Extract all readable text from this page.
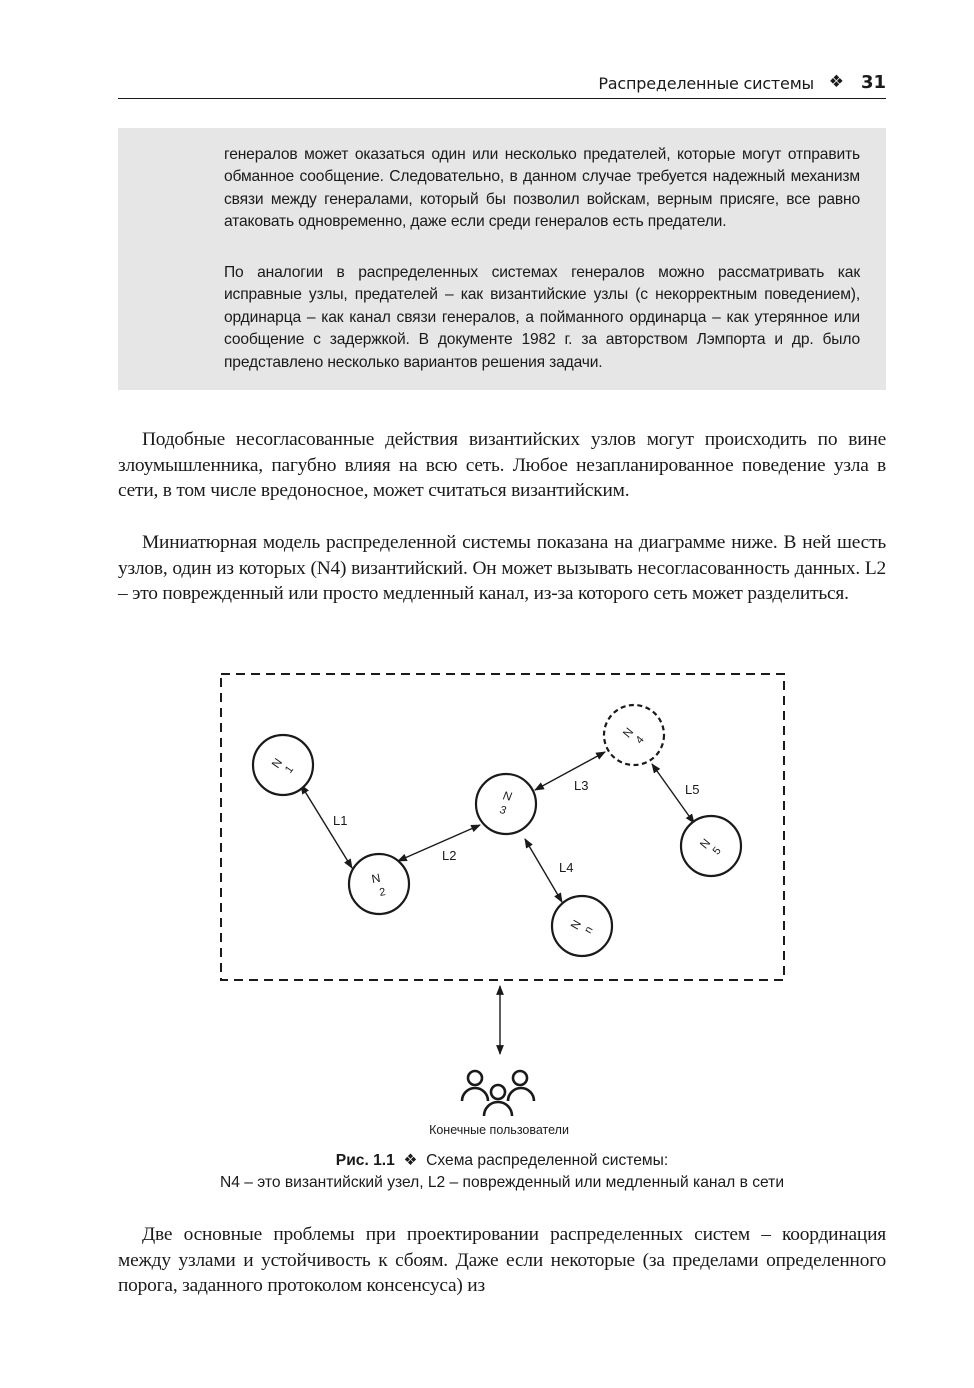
Распределенные системы ❖ 31

генералов может оказаться один или несколько предателей, которые могут отправить обманное сообщение. Следовательно, в данном случае требуется надежный механизм связи между генералами, который бы позволил войскам, верным присяге, все равно атаковать одновременно, даже если среди генералов есть предатели.

По аналогии в распределенных системах генералов можно рассматривать как исправные узлы, предателей – как византийские узлы (с некорректным поведением), ординарца – как канал связи генералов, а пойманного ординарца – как утерянное или сообщение с задержкой. В документе 1982 г. за авторством Лэмпорта и др. было представлено несколько вариантов решения задачи.

Подобные несогласованные действия византийских узлов могут происходить по вине злоумышленника, пагубно влияя на всю сеть. Любое незапланированное поведение узла в сети, в том числе вредоносное, может считаться византийским.

Миниатюрная модель распределенной системы показана на диаграмме ниже. В ней шесть узлов, один из которых (N4) византийский. Он может вызывать несогласованность данных. L2 – это поврежденный или просто медленный канал, из-за которого сеть может разделиться.

L1
L2
L3
L4
L5
N
1
N
2
N
3
N
4
N
5
N
n
Конечные пользователи
Рис. 1.1 ❖ Схема распределенной системы:
N4 – это византийский узел, L2 – поврежденный или медленный канал в сети

Две основные проблемы при проектировании распределенных систем – координация между узлами и устойчивость к сбоям. Даже если некоторые (за пределами определенного порога, заданного протоколом консенсуса) из
